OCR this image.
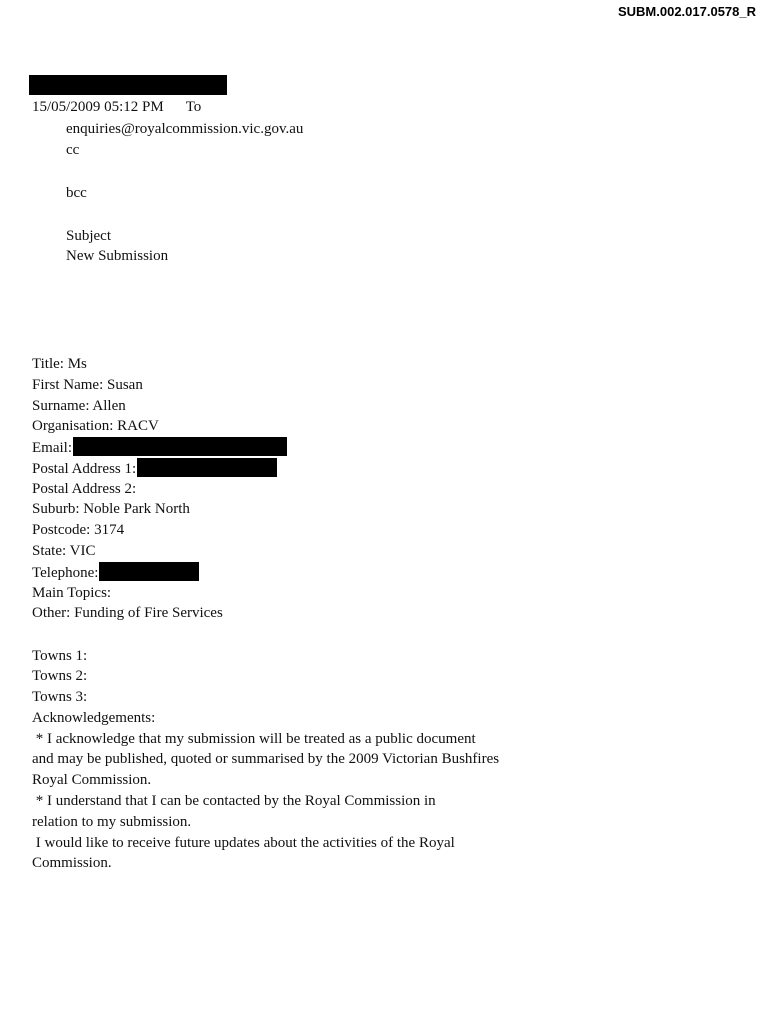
SUBM.002.017.0578_R
15/05/2009 05:12 PM To
enquiries@royalcommission.vic.gov.au
cc
bcc
Subject
New Submission
Title: Ms
First Name: Susan
Surname: Allen
Organisation: RACV
Email:
Postal Address 1:
Postal Address 2:
Suburb: Noble Park North
Postcode: 3174
State: VIC
Telephone:
Main Topics:
Other: Funding of Fire Services
Towns 1:
Towns 2:
Towns 3:
Acknowledgements:
* I acknowledge that my submission will be treated as a public document
and may be published, quoted or summarised by the 2009 Victorian Bushfires
Royal Commission.
* I understand that I can be contacted by the Royal Commission in
relation to my submission.
I would like to receive future updates about the activities of the Royal
Commission.
